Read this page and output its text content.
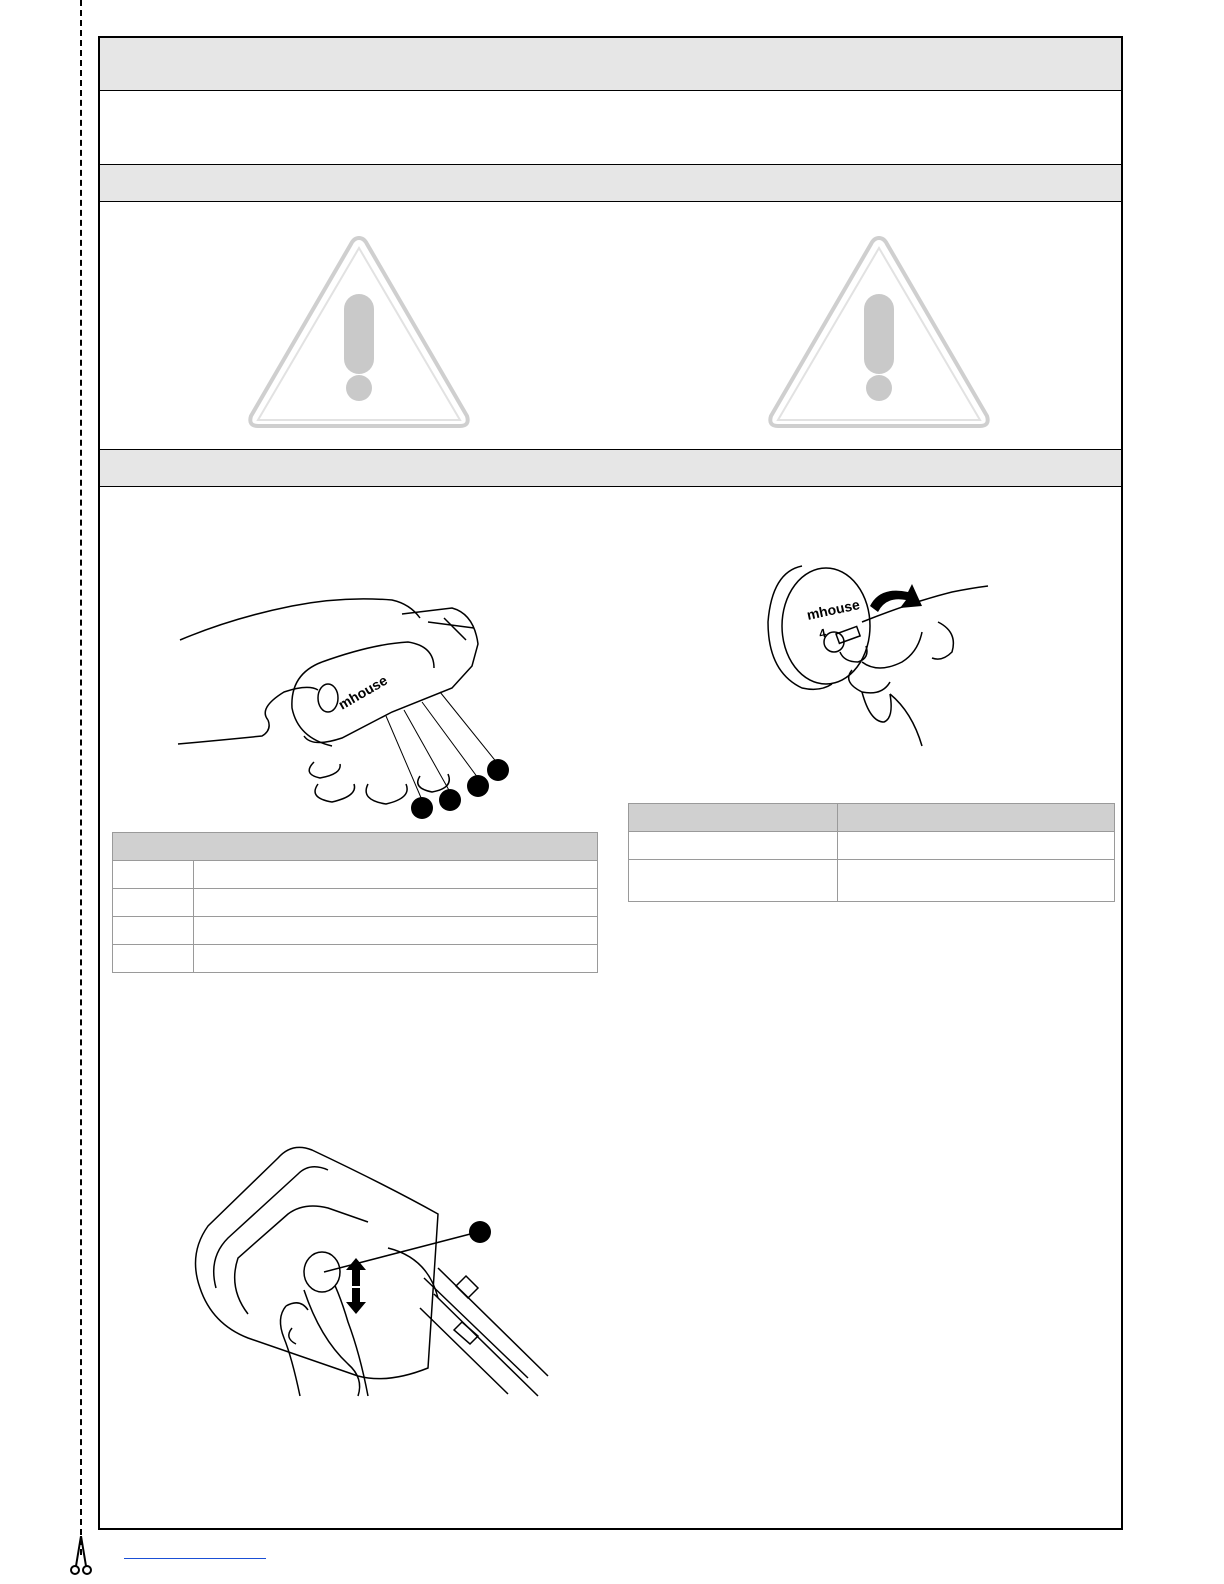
mhouse
mhouse
4
